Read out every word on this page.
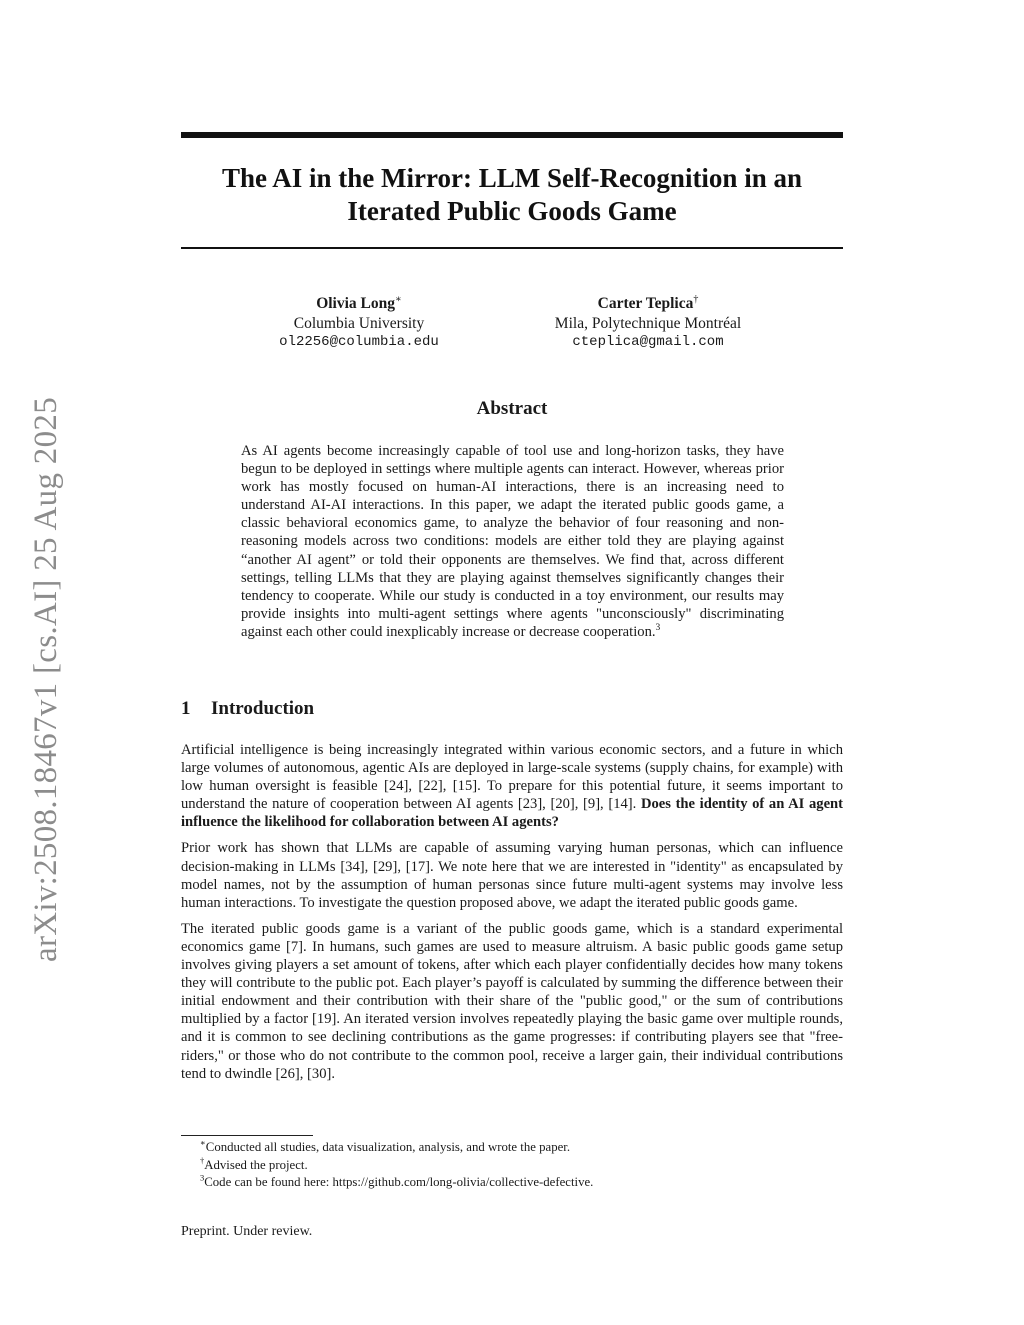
arXiv:2508.18467v1 [cs.AI] 25 Aug 2025
The AI in the Mirror: LLM Self-Recognition in an
Iterated Public Goods Game
Olivia Long∗
Columbia University
ol2256@columbia.edu
Carter Teplica†
Mila, Polytechnique Montréal
cteplica@gmail.com
Abstract

As AI agents become increasingly capable of tool use and long-horizon tasks, they have begun to be deployed in settings where multiple agents can interact. However, whereas prior work has mostly focused on human-AI interactions, there is an increasing need to understand AI-AI interactions. In this paper, we adapt the iterated public goods game, a classic behavioral economics game, to analyze the behavior of four reasoning and non-reasoning models across two conditions: models are either told they are playing against “another AI agent” or told their opponents are themselves. We find that, across different settings, telling LLMs that they are playing against themselves significantly changes their tendency to cooperate. While our study is conducted in a toy environment, our results may provide insights into multi-agent settings where agents "unconsciously" discriminating against each other could inexplicably increase or decrease cooperation.$^3$

1 Introduction

Artificial intelligence is being increasingly integrated within various economic sectors, and a future in which large volumes of autonomous, agentic AIs are deployed in large-scale systems (supply chains, for example) with low human oversight is feasible [24], [22], [15]. To prepare for this potential future, it seems important to understand the nature of cooperation between AI agents [23], [20], [9], [14]. Does the identity of an AI agent influence the likelihood for collaboration between AI agents?

Prior work has shown that LLMs are capable of assuming varying human personas, which can influence decision-making in LLMs [34], [29], [17]. We note here that we are interested in "identity" as encapsulated by model names, not by the assumption of human personas since future multi-agent systems may involve less human interactions. To investigate the question proposed above, we adapt the iterated public goods game.

The iterated public goods game is a variant of the public goods game, which is a standard experimental economics game [7]. In humans, such games are used to measure altruism. A basic public goods game setup involves giving players a set amount of tokens, after which each player confidentially decides how many tokens they will contribute to the public pot. Each player’s payoff is calculated by summing the difference between their initial endowment and their contribution with their share of the "public good," or the sum of contributions multiplied by a factor [19]. An iterated version involves repeatedly playing the basic game over multiple rounds, and it is common to see declining contributions as the game progresses: if contributing players see that "free-riders," or those who do not contribute to the common pool, receive a larger gain, their individual contributions tend to dwindle [26], [30].

∗Conducted all studies, data visualization, analysis, and wrote the paper.
†Advised the project.
$^3$Code can be found here: https://github.com/long-olivia/collective-defective.
Preprint. Under review.
